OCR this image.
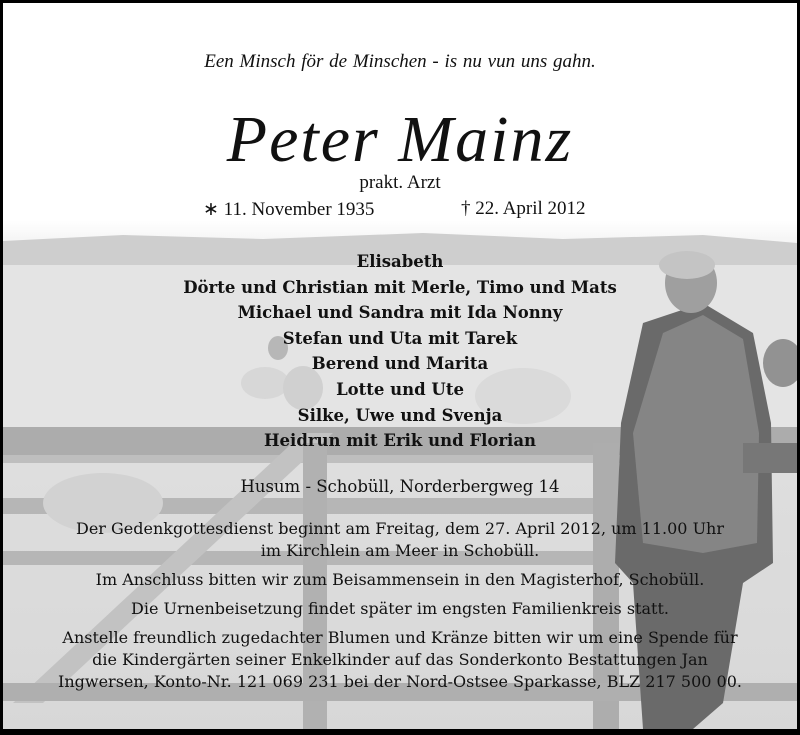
Een Minsch för de Minschen - is nu vun uns gahn.
Peter Mainz
prakt. Arzt
∗ 11. November 1935	† 22. April 2012
Elisabeth
Dörte und Christian mit Merle, Timo und Mats
Michael und Sandra mit Ida Nonny
Stefan und Uta mit Tarek
Berend und Marita
Lotte und Ute
Silke, Uwe und Svenja
Heidrun mit Erik und Florian
Husum - Schobüll, Norderbergweg 14
Der Gedenkgottesdienst beginnt am Freitag, dem 27. April 2012, um 11.00 Uhr
im Kirchlein am Meer in Schobüll.
Im Anschluss bitten wir zum Beisammensein in den Magisterhof, Schobüll.
Die Urnenbeisetzung findet später im engsten Familienkreis statt.
Anstelle freundlich zugedachter Blumen und Kränze bitten wir um eine Spende für
die Kindergärten seiner Enkelkinder auf das Sonderkonto Bestattungen Jan
Ingwersen, Konto-Nr. 121 069 231 bei der Nord-Ostsee Sparkasse, BLZ 217 500 00.
